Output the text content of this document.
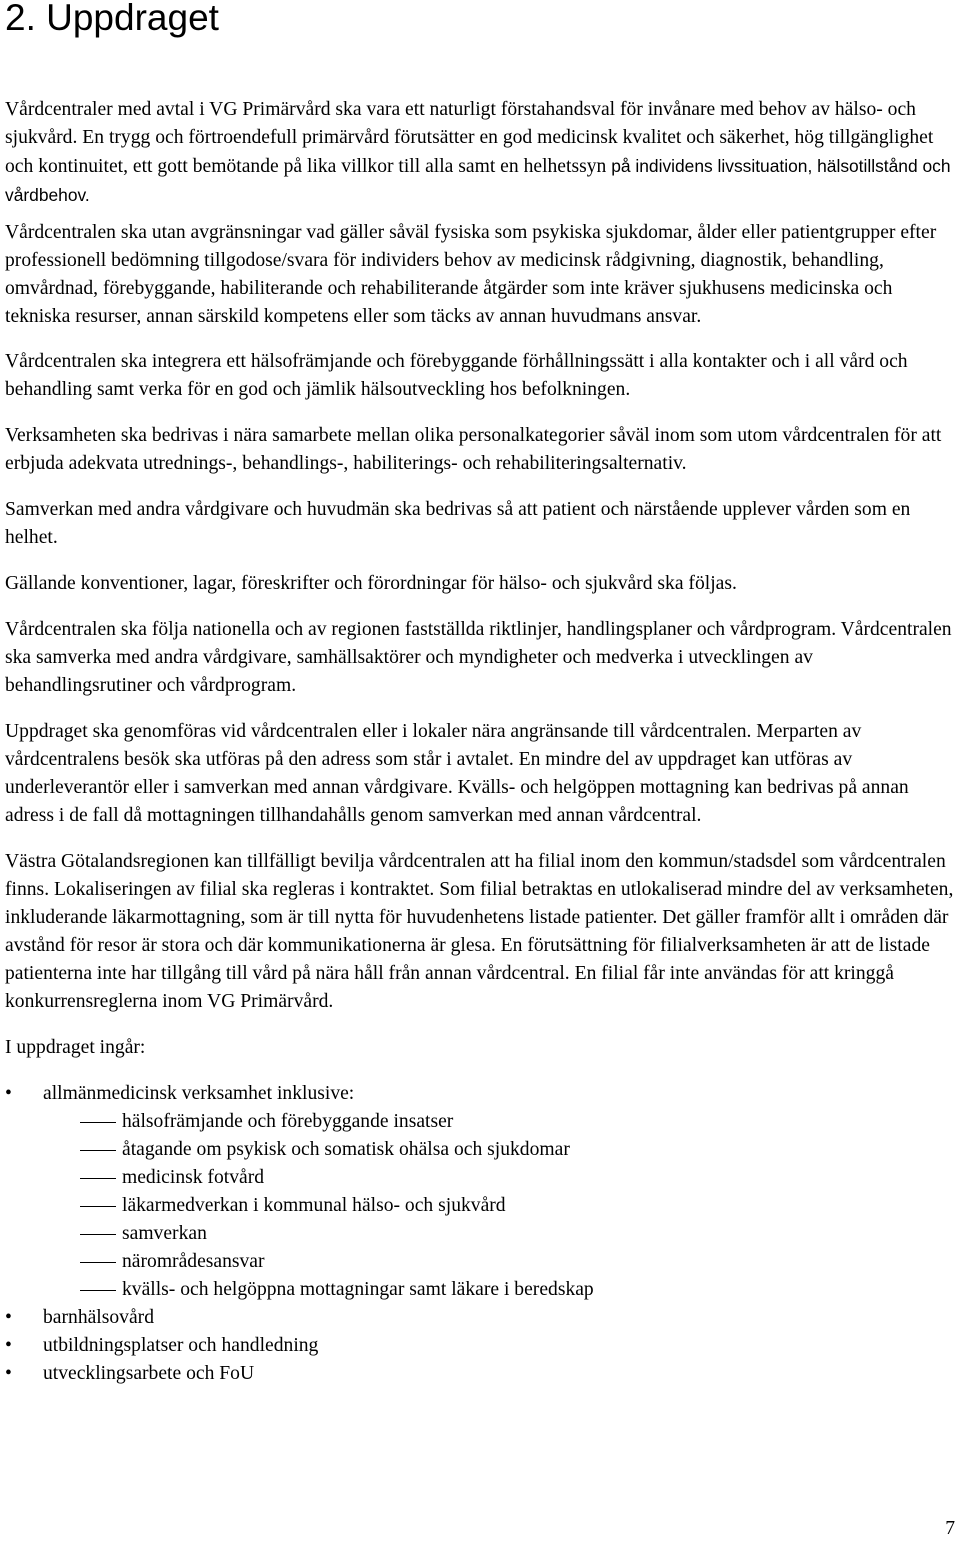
2. Uppdraget

Vårdcentraler med avtal i VG Primärvård ska vara ett naturligt förstahandsval för invånare med behov av hälso- och sjukvård. En trygg och förtroendefull primärvård förutsätter en god medicinsk kvalitet och säkerhet, hög tillgänglighet och kontinuitet, ett gott bemötande på lika villkor till alla samt en helhetssyn på individens livssituation, hälsotillstånd och vårdbehov.

Vårdcentralen ska utan avgränsningar vad gäller såväl fysiska som psykiska sjukdomar, ålder eller patientgrupper efter professionell bedömning tillgodose/svara för individers behov av medicinsk rådgivning, diagnostik, behandling, omvårdnad, förebyggande, habiliterande och rehabiliterande åtgärder som inte kräver sjukhusens medicinska och tekniska resurser, annan särskild kompetens eller som täcks av annan huvudmans ansvar.

Vårdcentralen ska integrera ett hälsofrämjande och förebyggande förhållningssätt i alla kontakter och i all vård och behandling samt verka för en god och jämlik hälsoutveckling hos befolkningen.

Verksamheten ska bedrivas i nära samarbete mellan olika personalkategorier såväl inom som utom vårdcentralen för att erbjuda adekvata utrednings-, behandlings-, habiliterings- och rehabiliteringsalternativ.

Samverkan med andra vårdgivare och huvudmän ska bedrivas så att patient och närstående upplever vården som en helhet.

Gällande konventioner, lagar, föreskrifter och förordningar för hälso- och sjukvård ska följas.

Vårdcentralen ska följa nationella och av regionen fastställda riktlinjer, handlingsplaner och vårdprogram. Vårdcentralen ska samverka med andra vårdgivare, samhällsaktörer och myndigheter och medverka i utvecklingen av behandlingsrutiner och vårdprogram.

Uppdraget ska genomföras vid vårdcentralen eller i lokaler nära angränsande till vårdcentralen. Merparten av vårdcentralens besök ska utföras på den adress som står i avtalet. En mindre del av uppdraget kan utföras av underleverantör eller i samverkan med annan vårdgivare. Kvälls- och helgöppen mottagning kan bedrivas på annan adress i de fall då mottagningen tillhandahålls genom samverkan med annan vårdcentral.

Västra Götalandsregionen kan tillfälligt bevilja vårdcentralen att ha filial inom den kommun/stadsdel som vårdcentralen finns. Lokaliseringen av filial ska regleras i kontraktet. Som filial betraktas en utlokaliserad mindre del av verksamheten, inkluderande läkarmottagning, som är till nytta för huvudenhetens listade patienter. Det gäller framför allt i områden där avstånd för resor är stora och där kommunikationerna är glesa. En förutsättning för filialverksamheten är att de listade patienterna inte har tillgång till vård på nära håll från annan vårdcentral. En filial får inte användas för att kringgå konkurrensreglerna inom VG Primärvård.

I uppdraget ingår:

•	allmänmedicinsk verksamhet inklusive:
hälsofrämjande och förebyggande insatser
åtagande om psykisk och somatisk ohälsa och sjukdomar
medicinsk fotvård
läkarmedverkan i kommunal hälso- och sjukvård
samverkan
närområdesansvar
kvälls- och helgöppna mottagningar samt läkare i beredskap
•	barnhälsovård
•	utbildningsplatser och handledning
•	utvecklingsarbete och FoU
7
